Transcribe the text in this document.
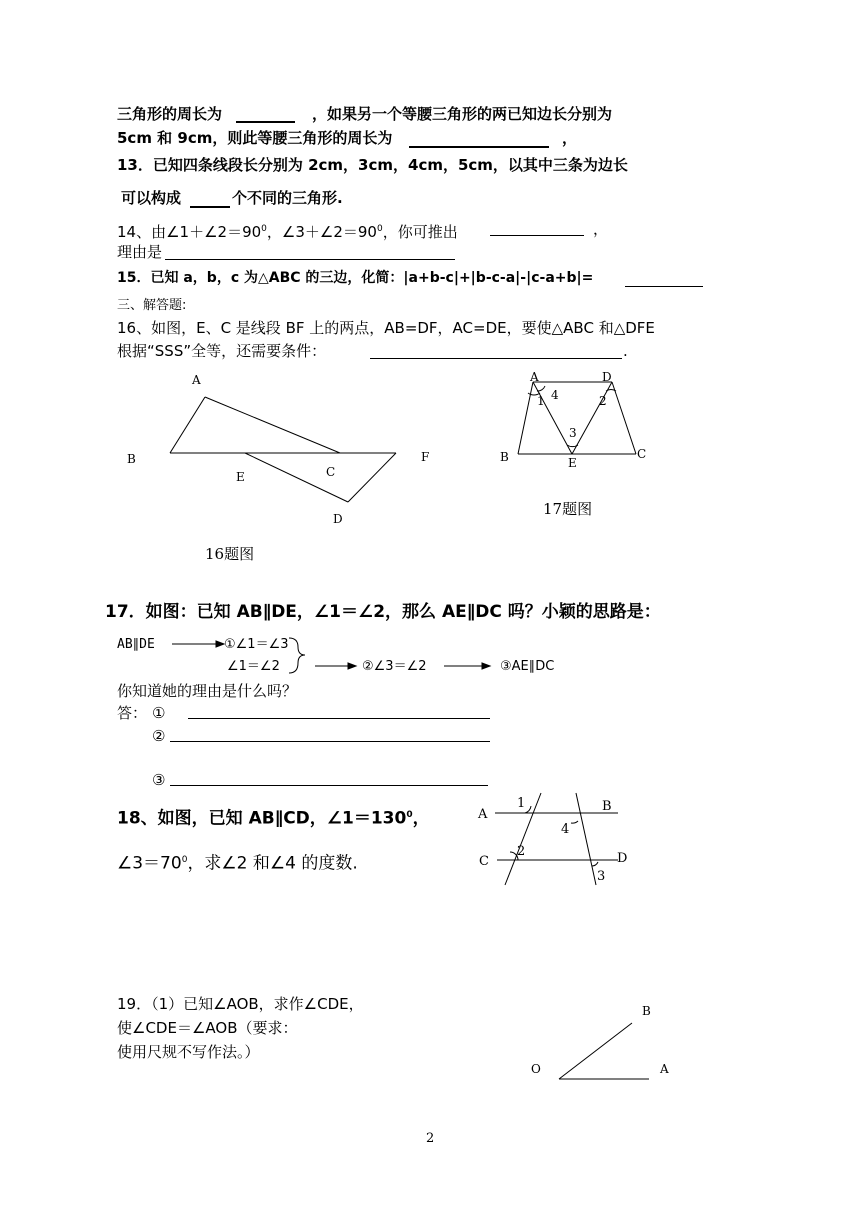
三角形的周长为	，如果另一个等腰三角形的两已知边长分别为
5cm 和 9cm，则此等腰三角形的周长为	，
13．已知四条线段长分别为 2cm，3cm，4cm，5cm，以其中三条为边长
可以构成	个不同的三角形.
14、由$\angle 1+\angle 2=90^0$，$\angle 3+\angle 2=90^0$，你可推出	，
理由是
15．已知 a，b，c 为△ABC 的三边，化简：|a+b-c|+|b-c-a|-|c-a+b|=
三、解答题:
16、如图，E、C 是线段 BF 上的两点，AB=DF，AC=DE，要使△ABC 和△DFE
根据“SSS”全等，还需要条件：	.
A
B
E	C
F
D
16题图
A	D
B	E
C
1 4	2
3
17题图
17．如图：已知 AB∥DE，∠1＝∠2，那么 AE∥DC 吗？小颖的思路是：
AB∥DE	①∠1＝∠3
∠1＝∠2	②∠3＝∠2	③AE∥DC
你知道她的理由是什么吗？
答： ①
②
③
18、如图，已知 AB∥CD，$\angle 1=130^0$，
$\angle 3=70^0$，求∠2 和∠4 的度数.
A
B
C	D
1
4
2
3
19．（1）已知∠AOB，求作∠CDE，
使∠CDE＝∠AOB（要求：
使用尺规不写作法。）
O	A
B
2
